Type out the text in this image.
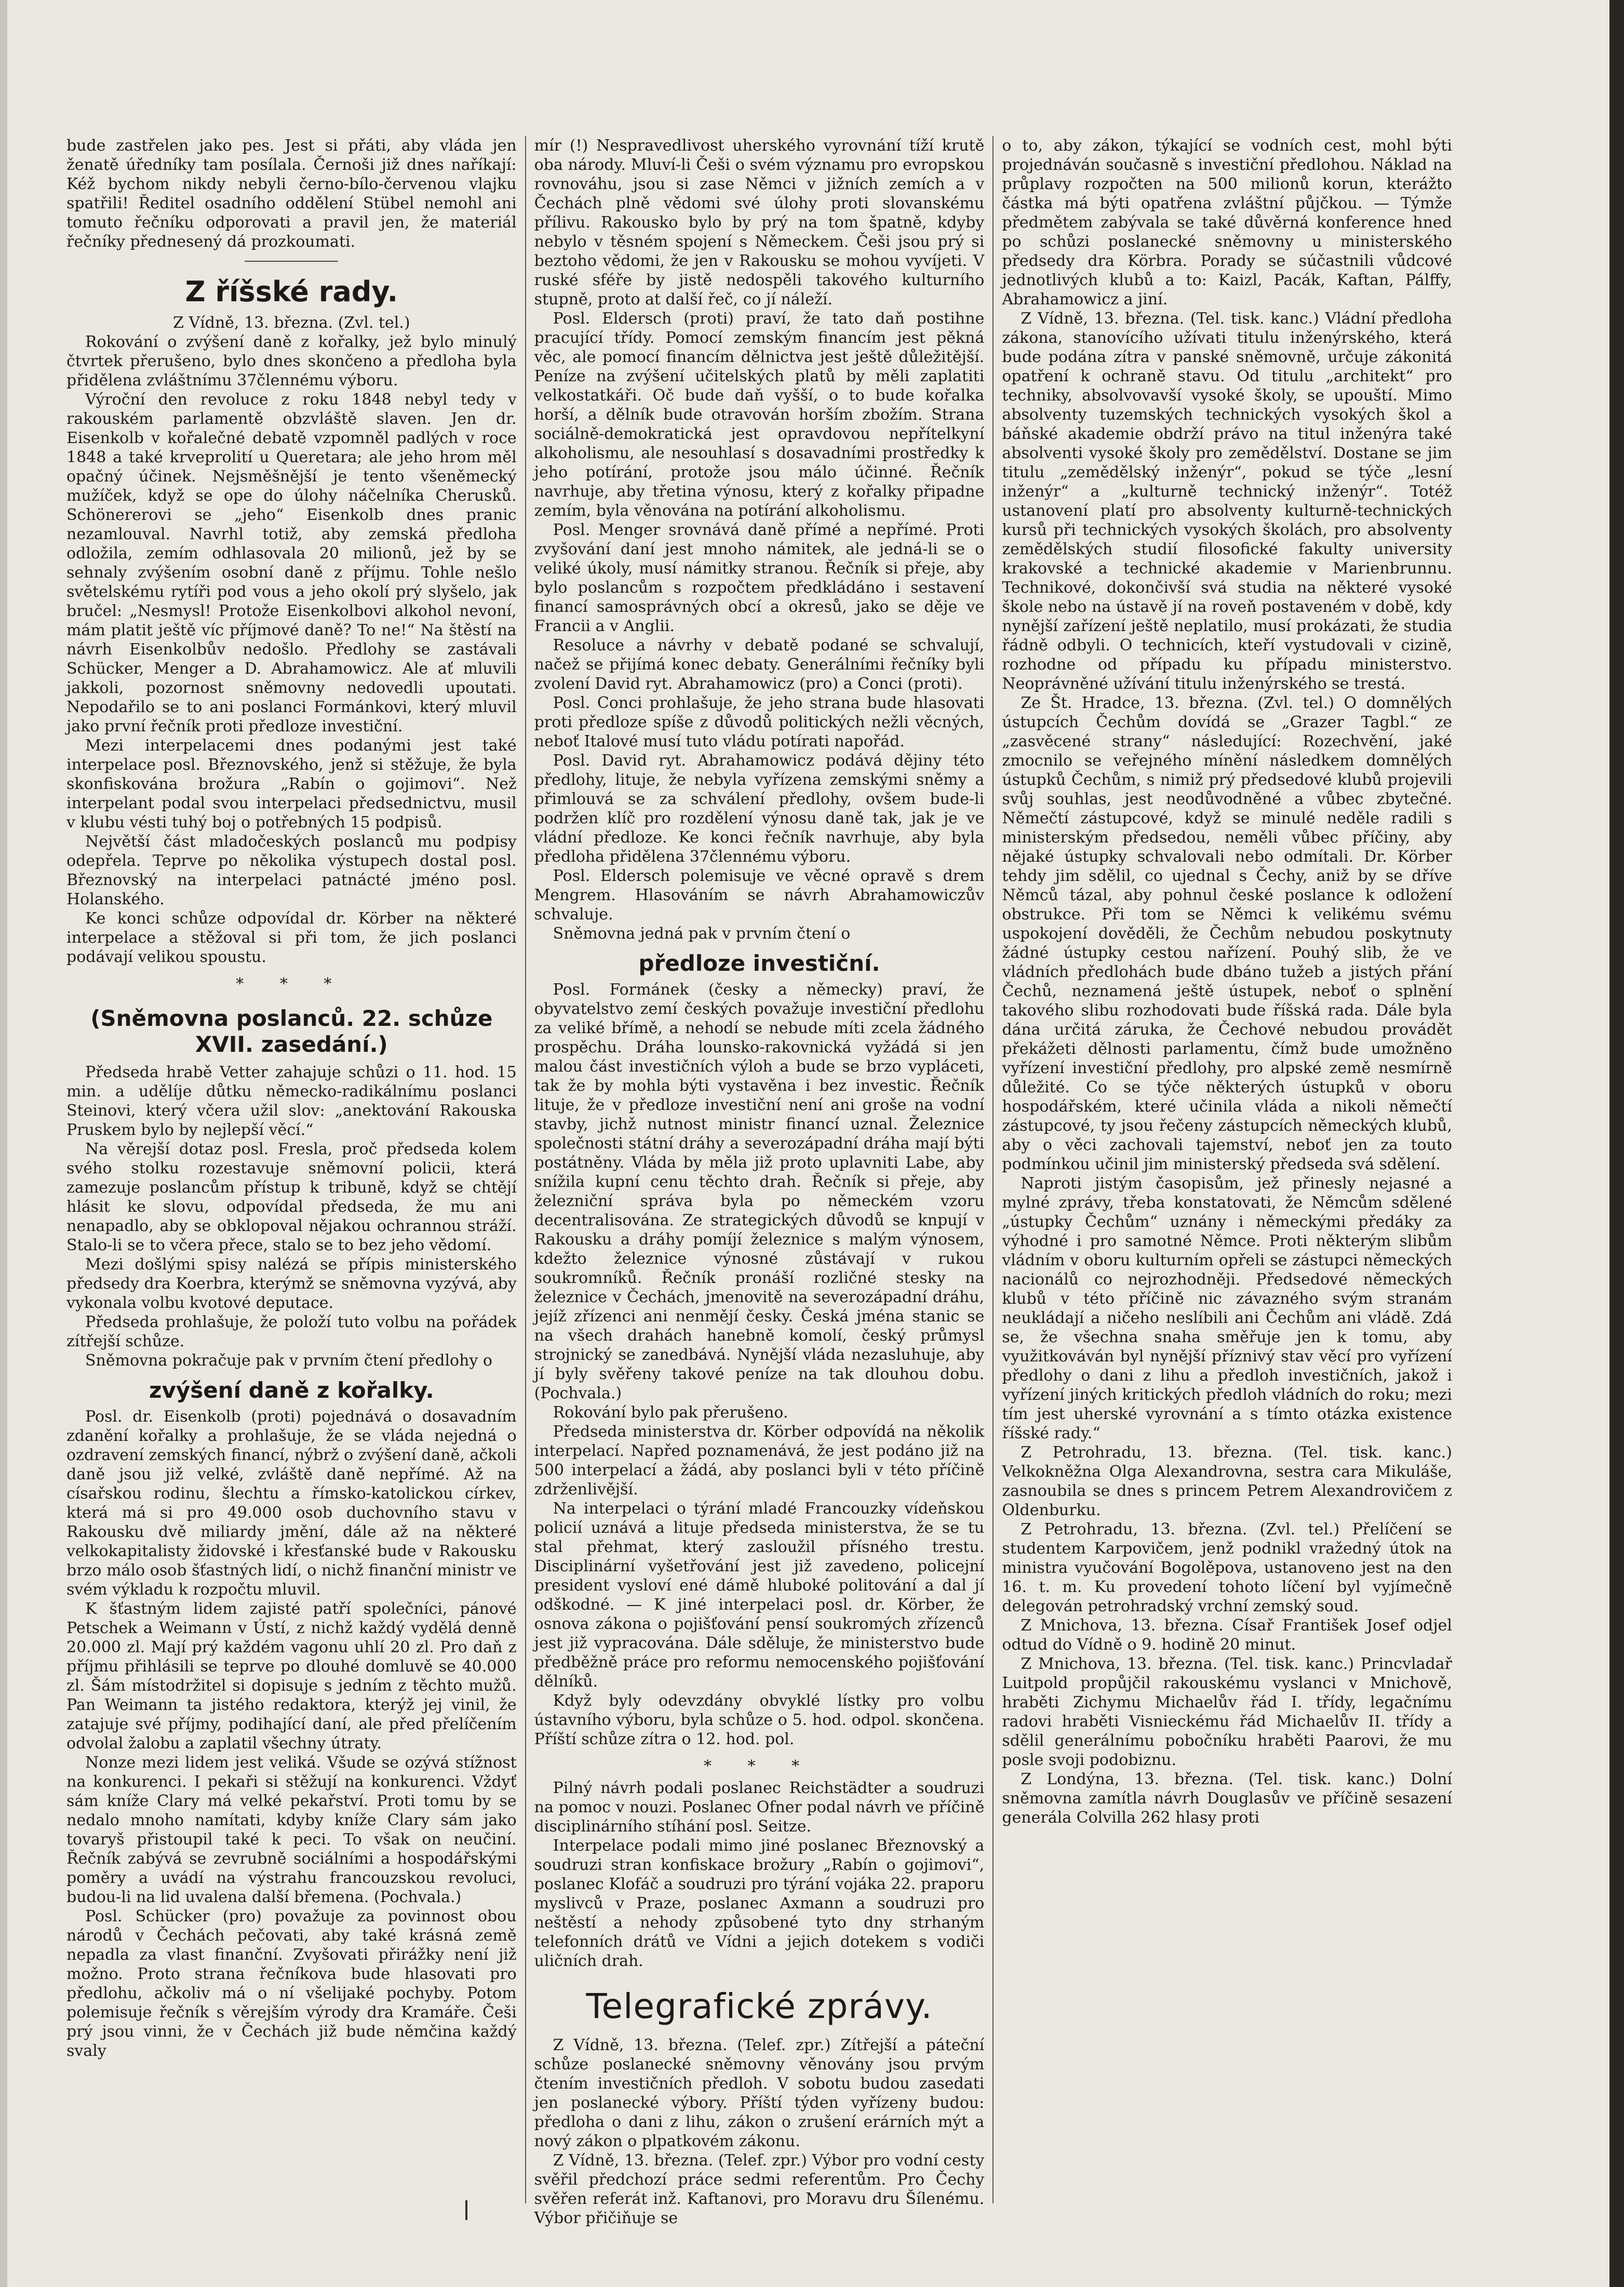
bude zastřelen jako pes. Jest si přáti, aby vláda jen ženatě úředníky tam posílala. Černoši již dnes naříkají: Kéž bychom nikdy nebyli černo-bílo-červenou vlajku spatřili! Ředitel osadního oddělení Stübel nemohl ani tomuto řečníku odporovati a pravil jen, že materiál řečníky přednesený dá prozkoumati.

Z říšské rady.

Z Vídně, 13. března. (Zvl. tel.)

Rokování o zvýšení daně z kořalky, jež bylo minulý čtvrtek přerušeno, bylo dnes skončeno a předloha byla přidělena zvláštnímu 37člennému výboru.

Výroční den revoluce z roku 1848 nebyl tedy v rakouském parlamentě obzvláště slaven. Jen dr. Eisenkolb v kořalečné debatě vzpomněl padlých v roce 1848 a také krveprolití u Queretara; ale jeho hrom měl opačný účinek. Nejsměšnější je tento všeněmecký mužíček, když se ope do úlohy náčelníka Cherusků. Schönererovi se „jeho“ Eisenkolb dnes pranic nezamlouval. Navrhl totiž, aby zemská předloha odložila, zemím odhlasovala 20 milionů, jež by se sehnaly zvýšením osobní daně z příjmu. Tohle nešlo světelskému rytíři pod vous a jeho okolí prý slyšelo, jak bručel: „Nesmysl! Protože Eisenkolbovi alkohol nevoní, mám platit ještě víc příjmové daně? To ne!“ Na štěstí na návrh Eisenkolbův nedošlo. Předlohy se zastávali Schücker, Menger a D. Abrahamowicz. Ale ať mluvili jakkoli, pozornost sněmovny nedovedli upoutati. Nepodařilo se to ani poslanci Formánkovi, který mluvil jako první řečník proti předloze investiční.

Mezi interpelacemi dnes podanými jest také interpelace posl. Březnovského, jenž si stěžuje, že byla skonfiskována brožura „Rabín o gojimovi“. Než interpelant podal svou interpelaci předsednictvu, musil v klubu vésti tuhý boj o potřebných 15 podpisů.

Největší část mladočeských poslanců mu podpisy odepřela. Teprve po několika výstupech dostal posl. Březnovský na interpelaci patnácté jméno posl. Holanského.

Ke konci schůze odpovídal dr. Körber na některé interpelace a stěžoval si při tom, že jich poslanci podávají velikou spoustu.

* * *
(Sněmovna poslanců. 22. schůze XVII. zasedání.)

Předseda hrabě Vetter zahajuje schůzi o 11. hod. 15 min. a udělíje důtku německo-radikálnímu poslanci Steinovi, který včera užil slov: „anektování Rakouska Pruskem bylo by nejlepší věcí.“

Na věrejší dotaz posl. Fresla, proč předseda kolem svého stolku rozestavuje sněmovní policii, která zamezuje poslancům přístup k tribuně, když se chtějí hlásit ke slovu, odpovídal předseda, že mu ani nenapadlo, aby se obklopoval nějakou ochrannou stráží. Stalo-li se to včera přece, stalo se to bez jeho vědomí.

Mezi došlými spisy nalézá se přípis ministerského předsedy dra Koerbra, kterýmž se sněmovna vyzývá, aby vykonala volbu kvotové deputace.

Předseda prohlašuje, že položí tuto volbu na pořádek zítřejší schůze.

Sněmovna pokračuje pak v prvním čtení předlohy o

zvýšení daně z kořalky.

Posl. dr. Eisenkolb (proti) pojednává o dosavadním zdanění kořalky a prohlašuje, že se vláda nejedná o ozdravení zemských financí, nýbrž o zvýšení daně, ačkoli daně jsou již velké, zvláště daně nepřímé. Až na císařskou rodinu, šlechtu a římsko-katolickou církev, která má si pro 49.000 osob duchovního stavu v Rakousku dvě miliardy jmění, dále až na některé velkokapitalisty židovské i křesťanské bude v Rakousku brzo málo osob šťastných lidí, o nichž finanční ministr ve svém výkladu k rozpočtu mluvil.

K šťastným lidem zajisté patří společníci, pánové Petschek a Weimann v Ústí, z nichž každý vydělá denně 20.000 zl. Mají prý každém vagonu uhlí 20 zl. Pro daň z příjmu přihlásili se teprve po dlouhé domluvě se 40.000 zl. Šám místodržitel si dopisuje s jedním z těchto mužů. Pan Weimann ta jistého redaktora, kterýž jej vinil, že zatajuje své příjmy, podihající daní, ale před přelíčením odvolal žalobu a zaplatil všechny útraty.

Nonze mezi lidem jest veliká. Všude se ozývá stížnost na konkurenci. I pekaři si stěžují na konkurenci. Vždyť sám kníže Clary má velké pekařství. Proti tomu by se nedalo mnoho namítati, kdyby kníže Clary sám jako tovaryš přistoupil také k peci. To však on neučiní. Řečník zabývá se zevrubně sociálními a hospodářskými poměry a uvádí na výstrahu francouzskou revoluci, budou-li na lid uvalena další břemena. (Pochvala.)

Posl. Schücker (pro) považuje za povinnost obou národů v Čechách pečovati, aby také krásná země nepadla za vlast finanční. Zvyšovati přirážky není již možno. Proto strana řečníkova bude hlasovati pro předlohu, ačkoliv má o ní všelijaké pochyby. Potom polemisuje řečník s věrejším výrody dra Kramáře. Češi prý jsou vinni, že v Čechách již bude němčina každý svaly

mír (!) Nespravedlivost uherského vyrovnání tíží krutě oba národy. Mluví-li Češi o svém významu pro evropskou rovnováhu, jsou si zase Němci v jižních zemích a v Čechách plně vědomi své úlohy proti slovanskému přílivu. Rakousko bylo by prý na tom špatně, kdyby nebylo v těsném spojení s Německem. Češi jsou prý si beztoho vědomi, že jen v Rakousku se mohou vyvíjeti. V ruské sféře by jistě nedospěli takového kulturního stupně, proto at další řeč, co jí náleží.

Posl. Eldersch (proti) praví, že tato daň postihne pracující třídy. Pomocí zemským financím jest pěkná věc, ale pomocí financím dělnictva jest ještě důležitější. Peníze na zvýšení učitelských platů by měli zaplatiti velkostatkáři. Oč bude daň vyšší, o to bude kořalka horší, a dělník bude otravován horším zbožím. Strana sociálně-demokratická jest opravdovou nepřítelkyní alkoholismu, ale nesouhlasí s dosavadními prostředky k jeho potírání, protože jsou málo účinné. Řečník navrhuje, aby třetina výnosu, který z kořalky připadne zemím, byla věnována na potírání alkoholismu.

Posl. Menger srovnává daně přímé a nepřímé. Proti zvyšování daní jest mnoho námitek, ale jedná-li se o veliké úkoly, musí námitky stranou. Řečník si přeje, aby bylo poslancům s rozpočtem předkládáno i sestavení financí samosprávných obcí a okresů, jako se děje ve Francii a v Anglii.

Resoluce a návrhy v debatě podané se schvalují, načež se přijímá konec debaty. Generálními řečníky byli zvolení David ryt. Abrahamowicz (pro) a Conci (proti).

Posl. Conci prohlašuje, že jeho strana bude hlasovati proti předloze spíše z důvodů politických nežli věcných, neboť Italové musí tuto vládu potírati napořád.

Posl. David ryt. Abrahamowicz podává dějiny této předlohy, lituje, že nebyla vyřízena zemskými sněmy a přimlouvá se za schválení předlohy, ovšem bude-li podržen klíč pro rozdělení výnosu daně tak, jak je ve vládní předloze. Ke konci řečník navrhuje, aby byla předloha přidělena 37člennému výboru.

Posl. Eldersch polemisuje ve věcné opravě s drem Mengrem. Hlasováním se návrh Abrahamowiczův schvaluje.

Sněmovna jedná pak v prvním čtení o

předloze investiční.

Posl. Formánek (česky a německy) praví, že obyvatelstvo zemí českých považuje investiční předlohu za veliké břímě, a nehodí se nebude míti zcela žádného prospěchu. Dráha lounsko-rakovnická vyžádá si jen malou část investičních výloh a bude se brzo vypláceti, tak že by mohla býti vystavěna i bez investic. Řečník lituje, že v předloze investiční není ani groše na vodní stavby, jichž nutnost ministr financí uznal. Železnice společnosti státní dráhy a severozápadní dráha mají býti postátněny. Vláda by měla již proto uplavniti Labe, aby snížila kupní cenu těchto drah. Řečník si přeje, aby železniční správa byla po německém vzoru decentralisována. Ze strategických důvodů se knpují v Rakousku a dráhy pomíjí železnice s malým výnosem, kdežto železnice výnosné zůstávají v rukou soukromníků. Řečník pronáší rozličné stesky na železnice v Čechách, jmenovitě na severozápadní dráhu, jejíž zřízenci ani nenmějí česky. Česká jména stanic se na všech drahách hanebně komolí, český průmysl strojnický se zanedbává. Nynější vláda nezasluhuje, aby jí byly svěřeny takové peníze na tak dlouhou dobu. (Pochvala.)

Rokování bylo pak přerušeno.

Předseda ministerstva dr. Körber odpovídá na několik interpelací. Napřed poznamenává, že jest podáno již na 500 interpelací a žádá, aby poslanci byli v této příčině zdrženlivější.

Na interpelaci o týrání mladé Francouzky vídeňskou policií uznává a lituje předseda ministerstva, že se tu stal přehmat, který zasloužil přísného trestu. Disciplinární vyšetřování jest již zavedeno, policejní president vysloví ené dámě hluboké politování a dal jí odškodné. — K jiné interpelaci posl. dr. Körber, že osnova zákona o pojišťování pensí soukromých zřízenců jest již vypracována. Dále sděluje, že ministerstvo bude předběžně práce pro reformu nemocenského pojišťování dělníků.

Když byly odevzdány obvyklé lístky pro volbu ústavního výboru, byla schůze o 5. hod. odpol. skončena. Příští schůze zítra o 12. hod. pol.

* * *

Pilný návrh podali poslanec Reichstädter a soudruzi na pomoc v nouzi. Poslanec Ofner podal návrh ve příčině disciplinárního stíhání posl. Seitze.

Interpelace podali mimo jiné poslanec Březnovský a soudruzi stran konfiskace brožury „Rabín o gojimovi“, poslanec Klofáč a soudruzi pro týrání vojáka 22. praporu myslivců v Praze, poslanec Axmann a soudruzi pro neštěstí a nehody způsobené tyto dny strhaným telefonních drátů ve Vídni a jejich dotekem s vodiči uličních drah.

Telegrafické zprávy.

Z Vídně, 13. března. (Telef. zpr.) Zítřejší a páteční schůze poslanecké sněmovny věnovány jsou prvým čtením investičních předloh. V sobotu budou zasedati jen poslanecké výbory. Příští týden vyřízeny budou: předloha o dani z lihu, zákon o zrušení erárních mýt a nový zákon o plpatkovém zákonu.

Z Vídně, 13. března. (Telef. zpr.) Výbor pro vodní cesty svěřil předchozí práce sedmi referentům. Pro Čechy svěřen referát inž. Kaftanovi, pro Moravu dru Šílenému. Výbor přičiňuje se

o to, aby zákon, týkající se vodních cest, mohl býti projednáván současně s investiční předlohou. Náklad na průplavy rozpočten na 500 milionů korun, kterážto částka má býti opatřena zvláštní půjčkou. — Týmže předmětem zabývala se také důvěrná konference hned po schůzi poslanecké sněmovny u ministerského předsedy dra Körbra. Porady se súčastnili vůdcové jednotlivých klubů a to: Kaizl, Pacák, Kaftan, Pálffy, Abrahamowicz a jiní.

Z Vídně, 13. března. (Tel. tisk. kanc.) Vládní předloha zákona, stanovícího užívati titulu inženýrského, která bude podána zítra v panské sněmovně, určuje zákonitá opatření k ochraně stavu. Od titulu „architekt“ pro techniky, absolvovavší vysoké školy, se upouští. Mimo absolventy tuzemských technických vysokých škol a báňské akademie obdrží právo na titul inženýra také absolventi vysoké školy pro zemědělství. Dostane se jim titulu „zemědělský inženýr“, pokud se týče „lesní inženýr“ a „kulturně technický inženýr“. Totéž ustanovení platí pro absolventy kulturně-technických kursů při technických vysokých školách, pro absolventy zemědělských studií filosofické fakulty university krakovské a technické akademie v Marienbrunnu. Technikové, dokončivší svá studia na některé vysoké škole nebo na ústavě jí na roveň postaveném v době, kdy nynější zařízení ještě neplatilo, musí prokázati, že studia řádně odbyli. O technicích, kteří vystudovali v cizině, rozhodne od případu ku případu ministerstvo. Neoprávněné užívání titulu inženýrského se trestá.

Ze Št. Hradce, 13. března. (Zvl. tel.) O domnělých ústupcích Čechům dovídá se „Grazer Tagbl.“ ze „zasvěcené strany“ následující: Rozechvění, jaké zmocnilo se veřejného mínění následkem domnělých ústupků Čechům, s nimiž prý předsedové klubů projevili svůj souhlas, jest neodůvodněné a vůbec zbytečné. Němečtí zástupcové, když se minulé neděle radili s ministerským předsedou, neměli vůbec příčiny, aby nějaké ústupky schvalovali nebo odmítali. Dr. Körber tehdy jim sdělil, co ujednal s Čechy, aniž by se dříve Němců tázal, aby pohnul české poslance k odložení obstrukce. Při tom se Němci k velikému svému uspokojení dověděli, že Čechům nebudou poskytnuty žádné ústupky cestou nařízení. Pouhý slib, že ve vládních předlohách bude dbáno tužeb a jistých přání Čechů, neznamená ještě ústupek, neboť o splnění takového slibu rozhodovati bude říšská rada. Dále byla dána určitá záruka, že Čechové nebudou provádět překážeti dělnosti parlamentu, čímž bude umožněno vyřízení investiční předlohy, pro alpské země nesmírně důležité. Co se týče některých ústupků v oboru hospodářském, které učinila vláda a nikoli němečtí zástupcové, ty jsou řečeny zástupcích německých klubů, aby o věci zachovali tajemství, neboť jen za touto podmínkou učinil jim ministerský předseda svá sdělení.

Naproti jistým časopisům, jež přinesly nejasné a mylné zprávy, třeba konstatovati, že Němcům sdělené „ústupky Čechům“ uznány i německými předáky za výhodné i pro samotné Němce. Proti některým slibům vládním v oboru kulturním opřeli se zástupci německých nacionálů co nejrozhodněji. Předsedové německých klubů v této příčině nic závazného svým stranám neukládají a ničeho neslíbili ani Čechům ani vládě. Zdá se, že všechna snaha směřuje jen k tomu, aby využitkováván byl nynější příznivý stav věcí pro vyřízení předlohy o dani z lihu a předloh investičních, jakož i vyřízení jiných kritických předloh vládních do roku; mezi tím jest uherské vyrovnání a s tímto otázka existence říšské rady.“

Z Petrohradu, 13. března. (Tel. tisk. kanc.) Velkokněžna Olga Alexandrovna, sestra cara Mikuláše, zasnoubila se dnes s princem Petrem Alexandrovičem z Oldenburku.

Z Petrohradu, 13. března. (Zvl. tel.) Přelíčení se studentem Karpovičem, jenž podnikl vražedný útok na ministra vyučování Bogolěpova, ustanoveno jest na den 16. t. m. Ku provedení tohoto líčení byl vyjímečně delegován petrohradský vrchní zemský soud.

Z Mnichova, 13. března. Císař František Josef odjel odtud do Vídně o 9. hodině 20 minut.

Z Mnichova, 13. března. (Tel. tisk. kanc.) Princvladař Luitpold propůjčil rakouskému vyslanci v Mnichově, hraběti Zichymu Michaelův řád I. třídy, legačnímu radovi hraběti Visnieckému řád Michaelův II. třídy a sdělil generálnímu pobočníku hraběti Paarovi, že mu posle svoji podobiznu.

Z Londýna, 13. března. (Tel. tisk. kanc.) Dolní sněmovna zamítla návrh Douglasův ve příčině sesazení generála Colvilla 262 hlasy proti
